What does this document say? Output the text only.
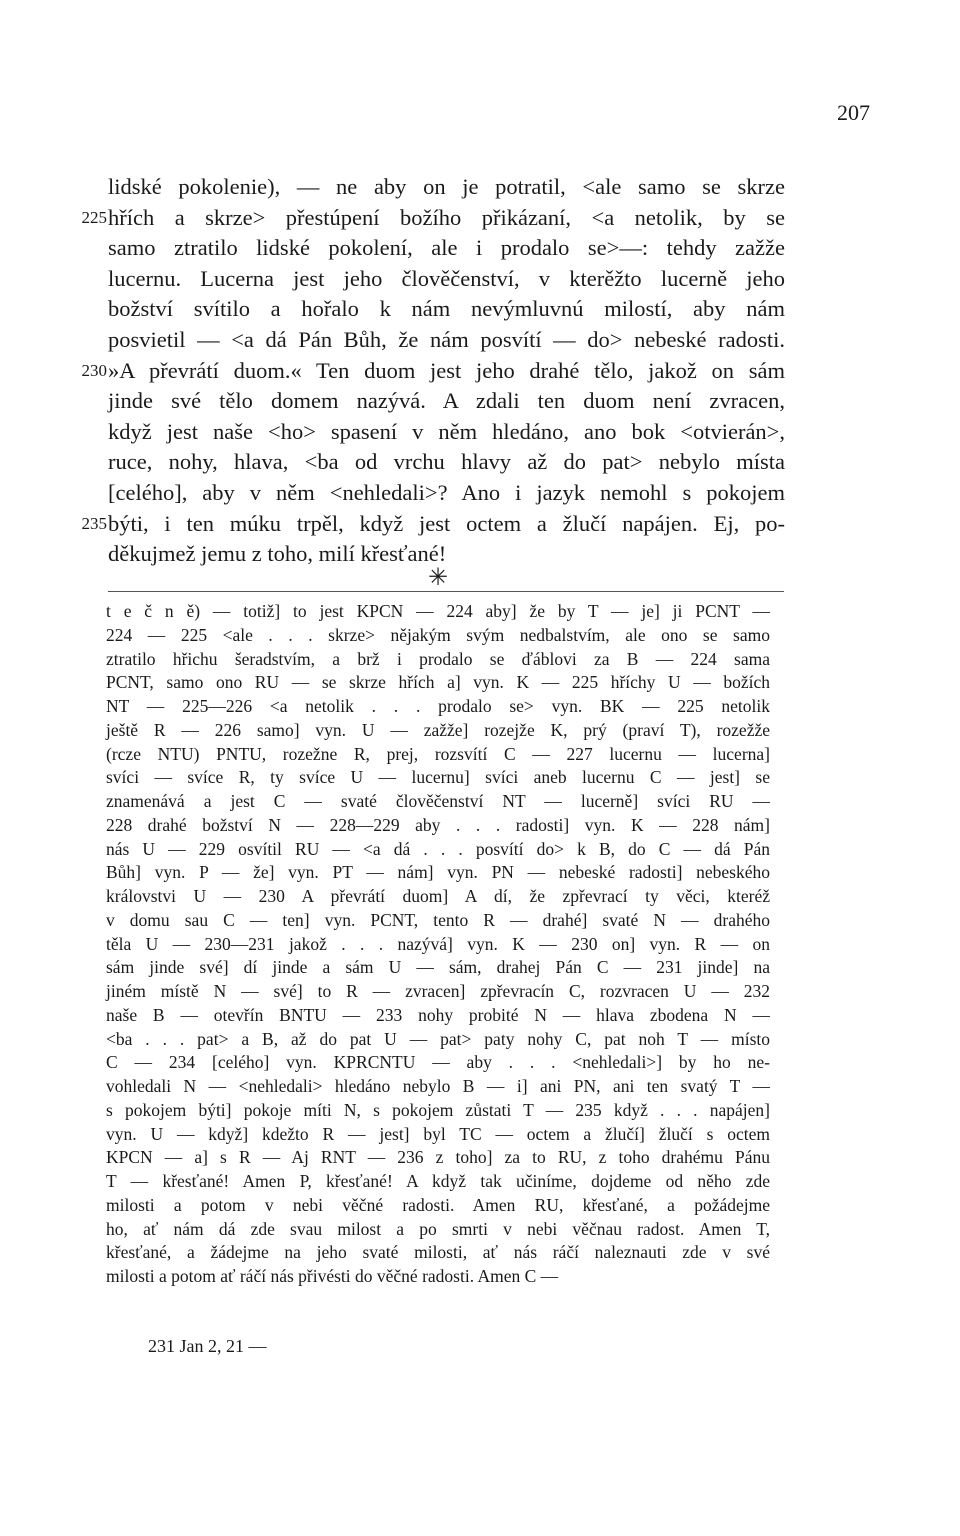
207
lidské pokolenie), — ne aby on je potratil, <ale samo se skrze
225 hřích a skrze> přestúpení božího přikázaní, <a netolik, by se
samo ztratilo lidské pokolení, ale i prodalo se>—: tehdy zažže
lucernu. Lucerna jest jeho člověčenství, v kterěžto lucerně jeho
božství svítilo a hořalo k nám nevýmluvnú milostí, aby nám
posvietil — <a dá Pán Bůh, že nám posvítí — do> nebeské radosti.
230 »A převrátí duom.« Ten duom jest jeho drahé tělo, jakož on sám
jinde své tělo domem nazývá. A zdali ten duom není zvracen,
když jest naše <ho> spasení v něm hledáno, ano bok <otvierán>,
ruce, nohy, hlava, <ba od vrchu hlavy až do pat> nebylo místa
[celého], aby v něm <nehledali>? Ano i jazyk nemohl s pokojem
235 býti, i ten múku trpěl, když jest octem a žlučí napájen. Ej, po-
děkujmež jemu z toho, milí křesťané!
✳
t e č n ě) — totiž] to jest KPCN — 224 aby] že by T — je] ji PCNT —
224 — 225 <ale . . . skrze> nějakým svým nedbalstvím, ale ono se samo
ztratilo hřichu šeradstvím, a brž i prodalo se ďáblovi za B — 224 sama
PCNT, samo ono RU — se skrze hřích a] vyn. K — 225 hříchy U — božích
NT — 225—226 <a netolik . . . prodalo se> vyn. BK — 225 netolik
ještě R — 226 samo] vyn. U — zažže] rozejže K, prý (praví T), rozežže
(rcze NTU) PNTU, rozežne R, prej, rozsvítí C — 227 lucernu — lucerna]
svíci — svíce R, ty svíce U — lucernu] svíci aneb lucernu C — jest] se
znamenává a jest C — svaté člověčenství NT — lucerně] svíci RU —
228 drahé božství N — 228—229 aby . . . radosti] vyn. K — 228 nám]
nás U — 229 osvítil RU — <a dá . . . posvítí do> k B, do C — dá Pán
Bůh] vyn. P — že] vyn. PT — nám] vyn. PN — nebeské radosti] nebeského
královstvi U — 230 A převrátí duom] A dí, že zpřevrací ty věci, kteréž
v domu sau C — ten] vyn. PCNT, tento R — drahé] svaté N — drahého
těla U — 230—231 jakož . . . nazývá] vyn. K — 230 on] vyn. R — on
sám jinde své] dí jinde a sám U — sám, drahej Pán C — 231 jinde] na
jiném místě N — své] to R — zvracen] zpřevracín C, rozvracen U — 232
naše B — otevřín BNTU — 233 nohy probité N — hlava zbodena N —
<ba . . . pat> a B, až do pat U — pat> paty nohy C, pat noh T — místo
C — 234 [celého] vyn. KPRCNTU — aby . . . <nehledali>] by ho ne-
vohledali N — <nehledali> hledáno nebylo B — i] ani PN, ani ten svatý T —
s pokojem býti] pokoje míti N, s pokojem zůstati T — 235 když . . . napájen]
vyn. U — když] kdežto R — jest] byl TC — octem a žlučí] žlučí s octem
KPCN — a] s R — Aj RNT — 236 z toho] za to RU, z toho drahému Pánu
T — křesťané! Amen P, křesťané! A když tak učiníme, dojdeme od něho zde
milosti a potom v nebi věčné radosti. Amen RU, křesťané, a požádejme
ho, ať nám dá zde svau milost a po smrti v nebi věčnau radost. Amen T,
křesťané, a žádejme na jeho svaté milosti, ať nás ráčí naleznauti zde v své
milosti a potom ať ráčí nás přivésti do věčné radosti. Amen C —
231 Jan 2, 21 —
